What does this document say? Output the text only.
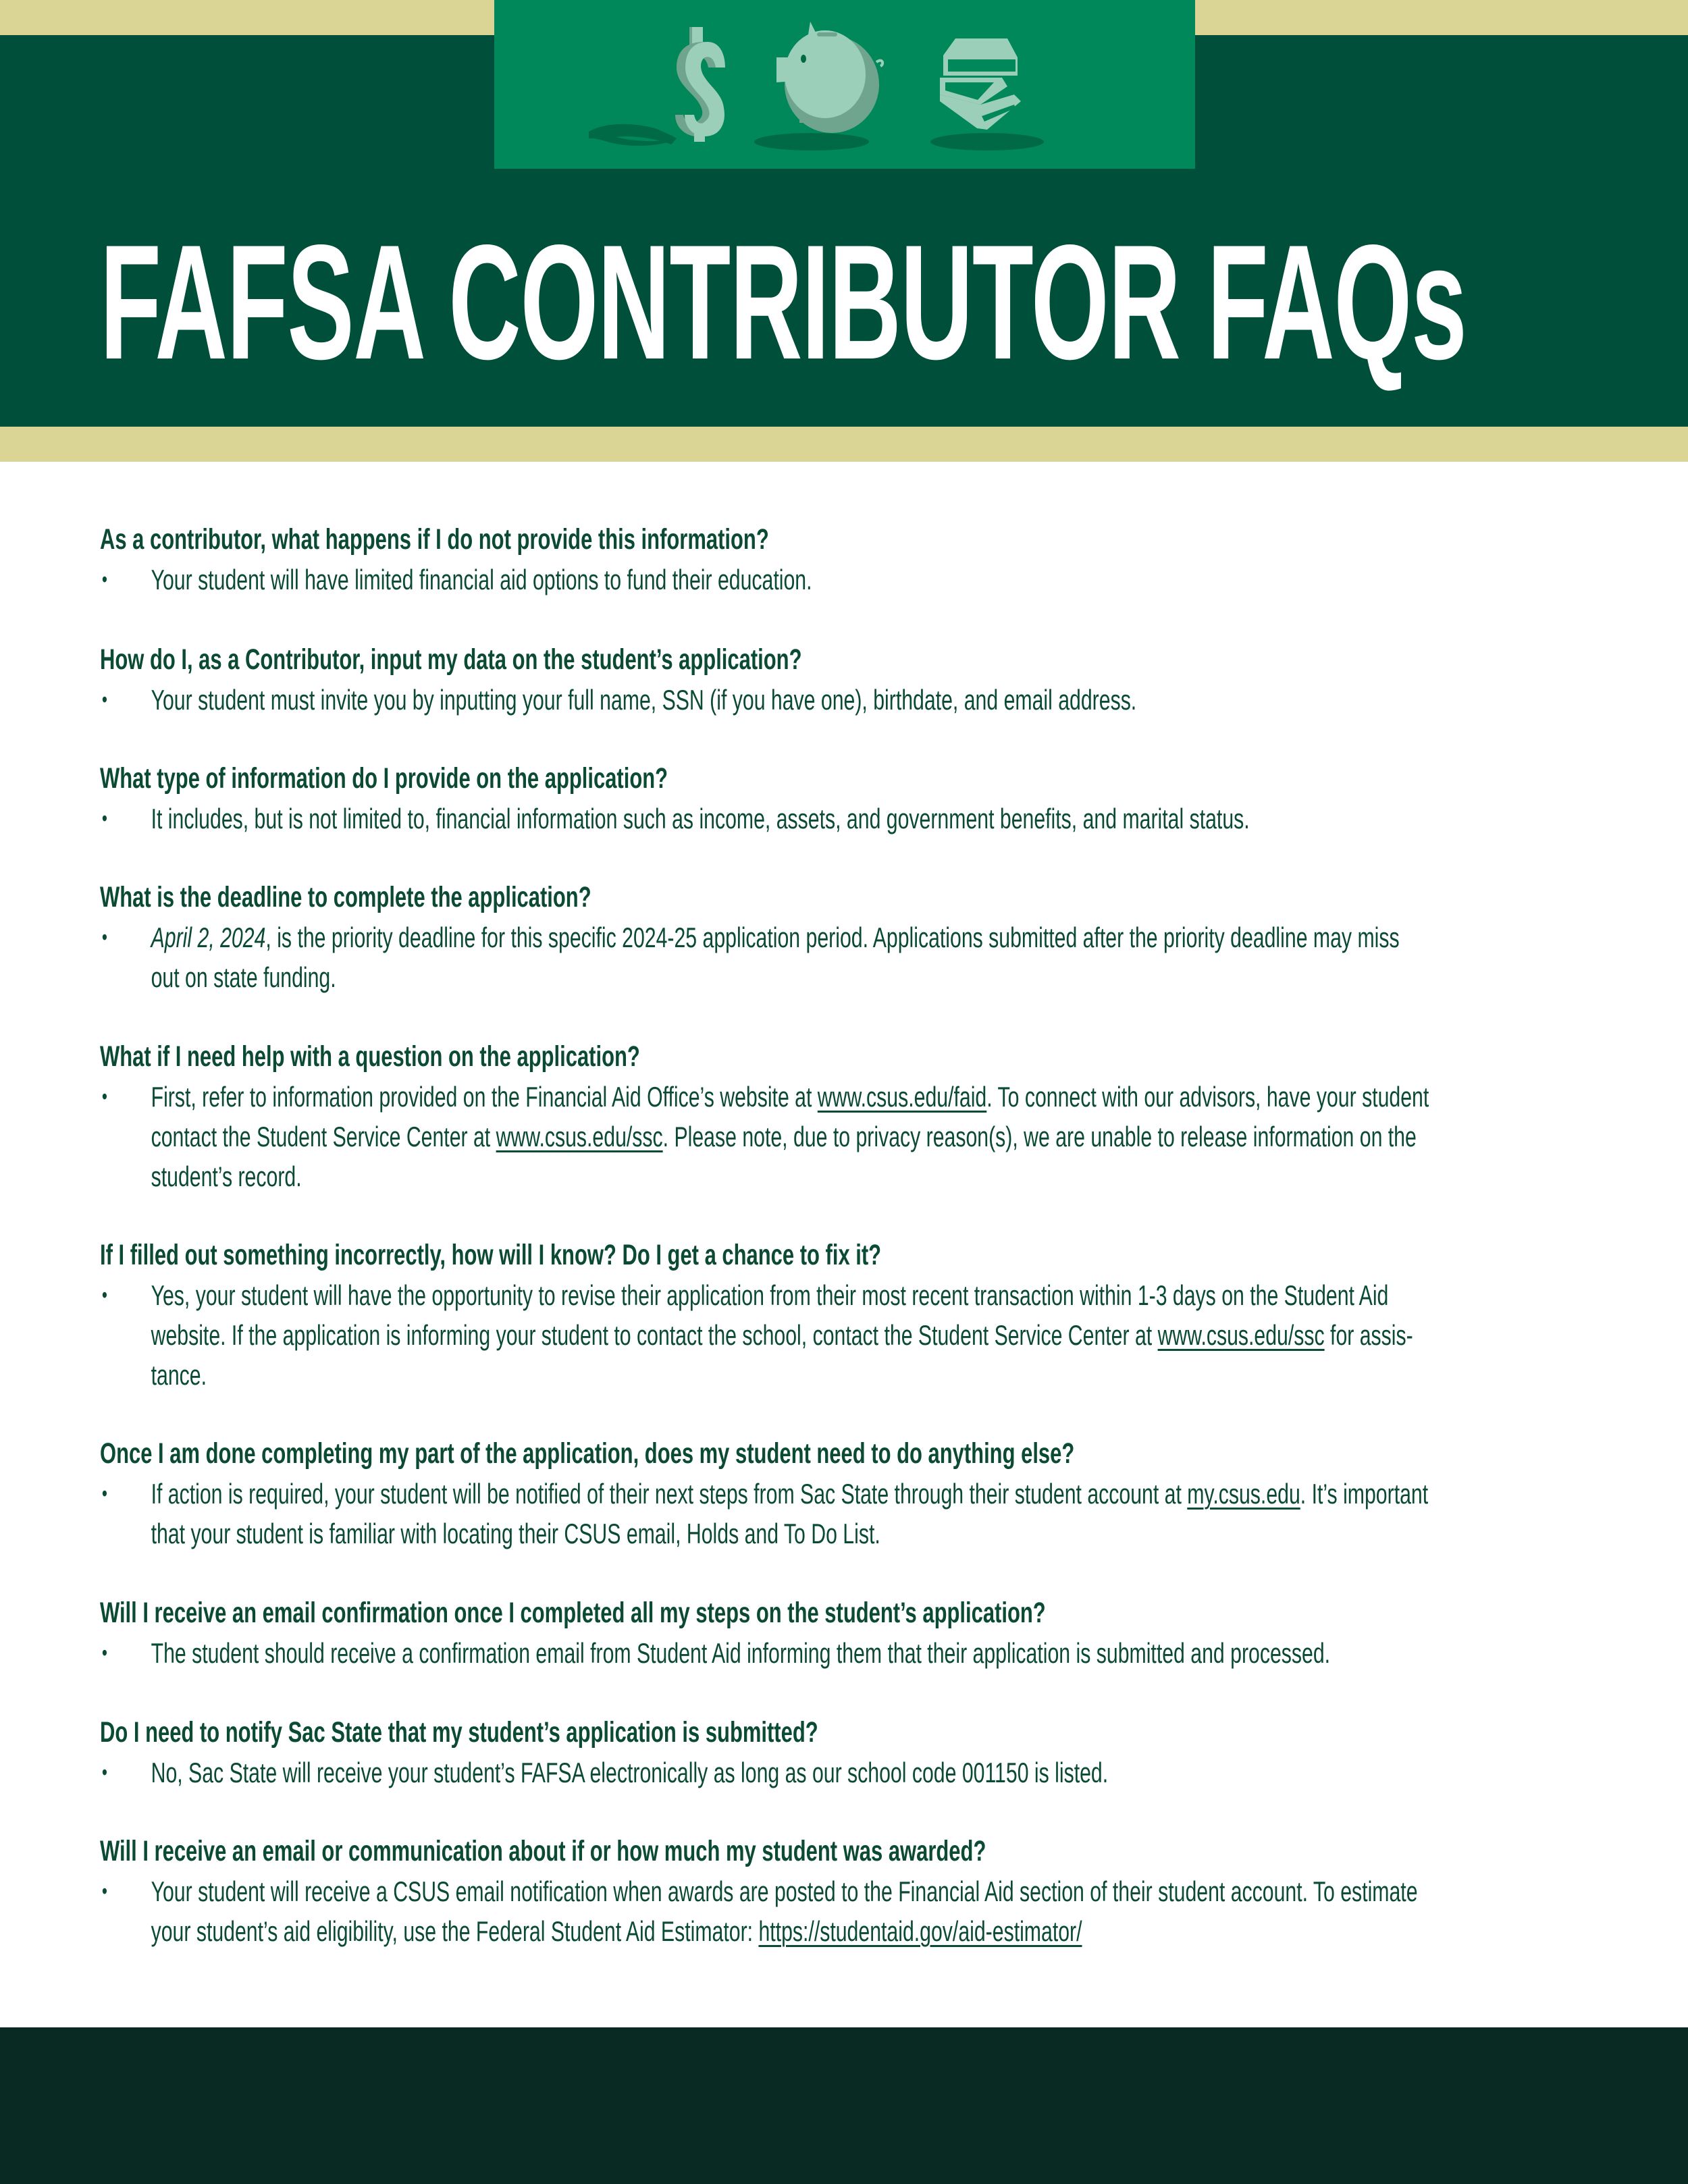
FAFSA CONTRIBUTOR FAQs
As a contributor, what happens if I do not provide this information?
• Your student will have limited financial aid options to fund their education.
How do I, as a Contributor, input my data on the student’s application?
• Your student must invite you by inputting your full name, SSN (if you have one), birthdate, and email address.
What type of information do I provide on the application?
• It includes, but is not limited to, financial information such as income, assets, and government benefits, and marital status.
What is the deadline to complete the application?
• April 2, 2024, is the priority deadline for this specific 2024-25 application period. Applications submitted after the priority deadline may miss
out on state funding.
What if I need help with a question on the application?
• First, refer to information provided on the Financial Aid Office’s website at www.csus.edu/faid. To connect with our advisors, have your student
contact the Student Service Center at www.csus.edu/ssc. Please note, due to privacy reason(s), we are unable to release information on the
student’s record.
If I filled out something incorrectly, how will I know? Do I get a chance to fix it?
• Yes, your student will have the opportunity to revise their application from their most recent transaction within 1-3 days on the Student Aid
website. If the application is informing your student to contact the school, contact the Student Service Center at www.csus.edu/ssc for assis-
tance.
Once I am done completing my part of the application, does my student need to do anything else?
• If action is required, your student will be notified of their next steps from Sac State through their student account at my.csus.edu. It’s important
that your student is familiar with locating their CSUS email, Holds and To Do List.
Will I receive an email confirmation once I completed all my steps on the student’s application?
• The student should receive a confirmation email from Student Aid informing them that their application is submitted and processed.
Do I need to notify Sac State that my student’s application is submitted?
• No, Sac State will receive your student’s FAFSA electronically as long as our school code 001150 is listed.
Will I receive an email or communication about if or how much my student was awarded?
• Your student will receive a CSUS email notification when awards are posted to the Financial Aid section of their student account. To estimate
your student’s aid eligibility, use the Federal Student Aid Estimator: https://studentaid.gov/aid-estimator/
